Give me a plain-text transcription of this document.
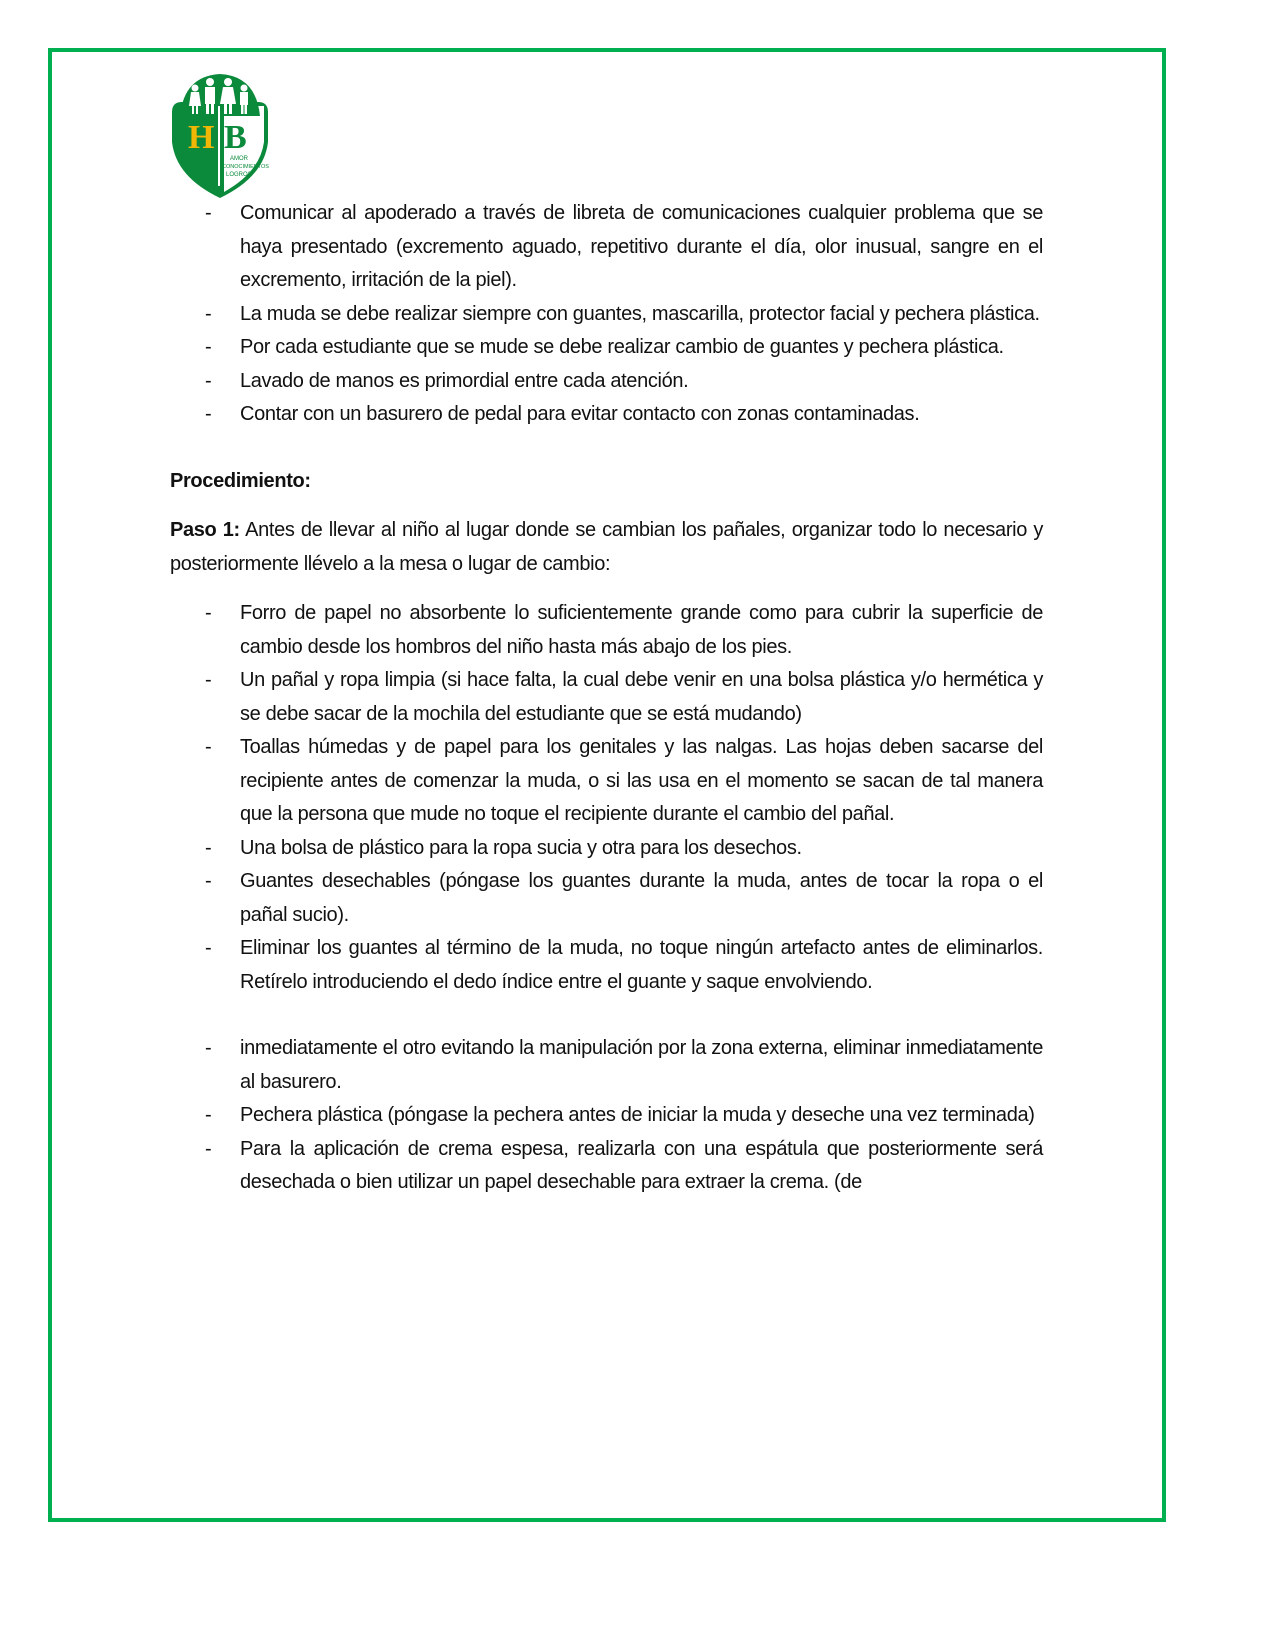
H B
AMOR
CONOCIMIENTOS
LOGROS
- Comunicar al apoderado a través de libreta de comunicaciones cualquier problema que se haya presentado (excremento aguado, repetitivo durante el día, olor inusual, sangre en el excremento, irritación de la piel).
- La muda se debe realizar siempre con guantes, mascarilla, protector facial y pechera plástica.
- Por cada estudiante que se mude se debe realizar cambio de guantes y pechera plástica.
- Lavado de manos es primordial entre cada atención.
- Contar con un basurero de pedal para evitar contacto con zonas contaminadas.

Procedimiento:

Paso 1: Antes de llevar al niño al lugar donde se cambian los pañales, organizar todo lo necesario y posteriormente llévelo a la mesa o lugar de cambio:

- Forro de papel no absorbente lo suficientemente grande como para cubrir la superficie de cambio desde los hombros del niño hasta más abajo de los pies.
- Un pañal y ropa limpia (si hace falta, la cual debe venir en una bolsa plástica y/o hermética y se debe sacar de la mochila del estudiante que se está mudando)
- Toallas húmedas y de papel para los genitales y las nalgas. Las hojas deben sacarse del recipiente antes de comenzar la muda, o si las usa en el momento se sacan de tal manera que la persona que mude no toque el recipiente durante el cambio del pañal.
- Una bolsa de plástico para la ropa sucia y otra para los desechos.
- Guantes desechables (póngase los guantes durante la muda, antes de tocar la ropa o el pañal sucio).
- Eliminar los guantes al término de la muda, no toque ningún artefacto antes de eliminarlos. Retírelo introduciendo el dedo índice entre el guante y saque envolviendo.
- inmediatamente el otro evitando la manipulación por la zona externa, eliminar inmediatamente al basurero.
- Pechera plástica (póngase la pechera antes de iniciar la muda y deseche una vez terminada)
- Para la aplicación de crema espesa, realizarla con una espátula que posteriormente será desechada o bien utilizar un papel desechable para extraer la crema. (de
